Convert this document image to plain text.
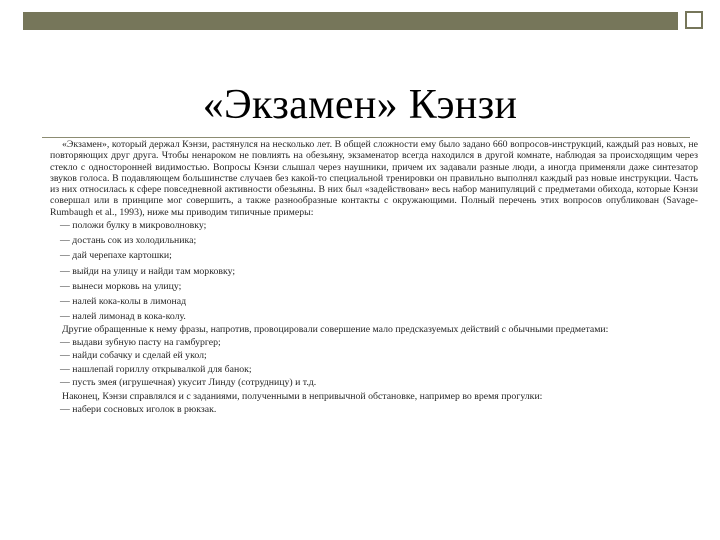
«Экзамен» Кэнзи

«Экзамен», который держал Кэнзи, растянулся на несколько лет. В общей сложности ему было задано 660 вопросов-инструкций, каждый раз новых, не повторяющих друг друга. Чтобы ненароком не повлиять на обезьяну, экзаменатор всегда находился в другой комнате, наблюдая за происходящим через стекло с односторонней видимостью. Вопросы Кэнзи слышал через наушники, причем их задавали разные люди, а иногда применяли даже синтезатор звуков голоса. В подавляющем большинстве случаев без какой-то специальной тренировки он правильно выполнял каждый раз новые инструкции. Часть из них относилась к сфере повседневной активности обезьяны. В них был «задействован» весь набор манипуляций с предметами обихода, которые Кэнзи совершал или в принципе мог совершить, а также разнообразные контакты с окружающими. Полный перечень этих вопросов опубликован (Savage-Rumbaugh et al., 1993), ниже мы приводим типичные примеры:

— положи булку в микроволновку;
— достань сок из холодильника;
— дай черепахе картошки;
— выйди на улицу и найди там морковку;
— вынеси морковь на улицу;
— налей кока-колы в лимонад
— налей лимонад в кока-колу.

Другие обращенные к нему фразы, напротив, провоцировали совершение мало предсказуемых действий с обычными предметами:

— выдави зубную пасту на гамбургер;
— найди собачку и сделай ей укол;
— нашлепай гориллу открывалкой для банок;
— пусть змея (игрушечная) укусит Линду (сотрудницу) и т.д.

Наконец, Кэнзи справлялся и с заданиями, полученными в непривычной обстановке, например во время прогулки:

— набери сосновых иголок в рюкзак.
